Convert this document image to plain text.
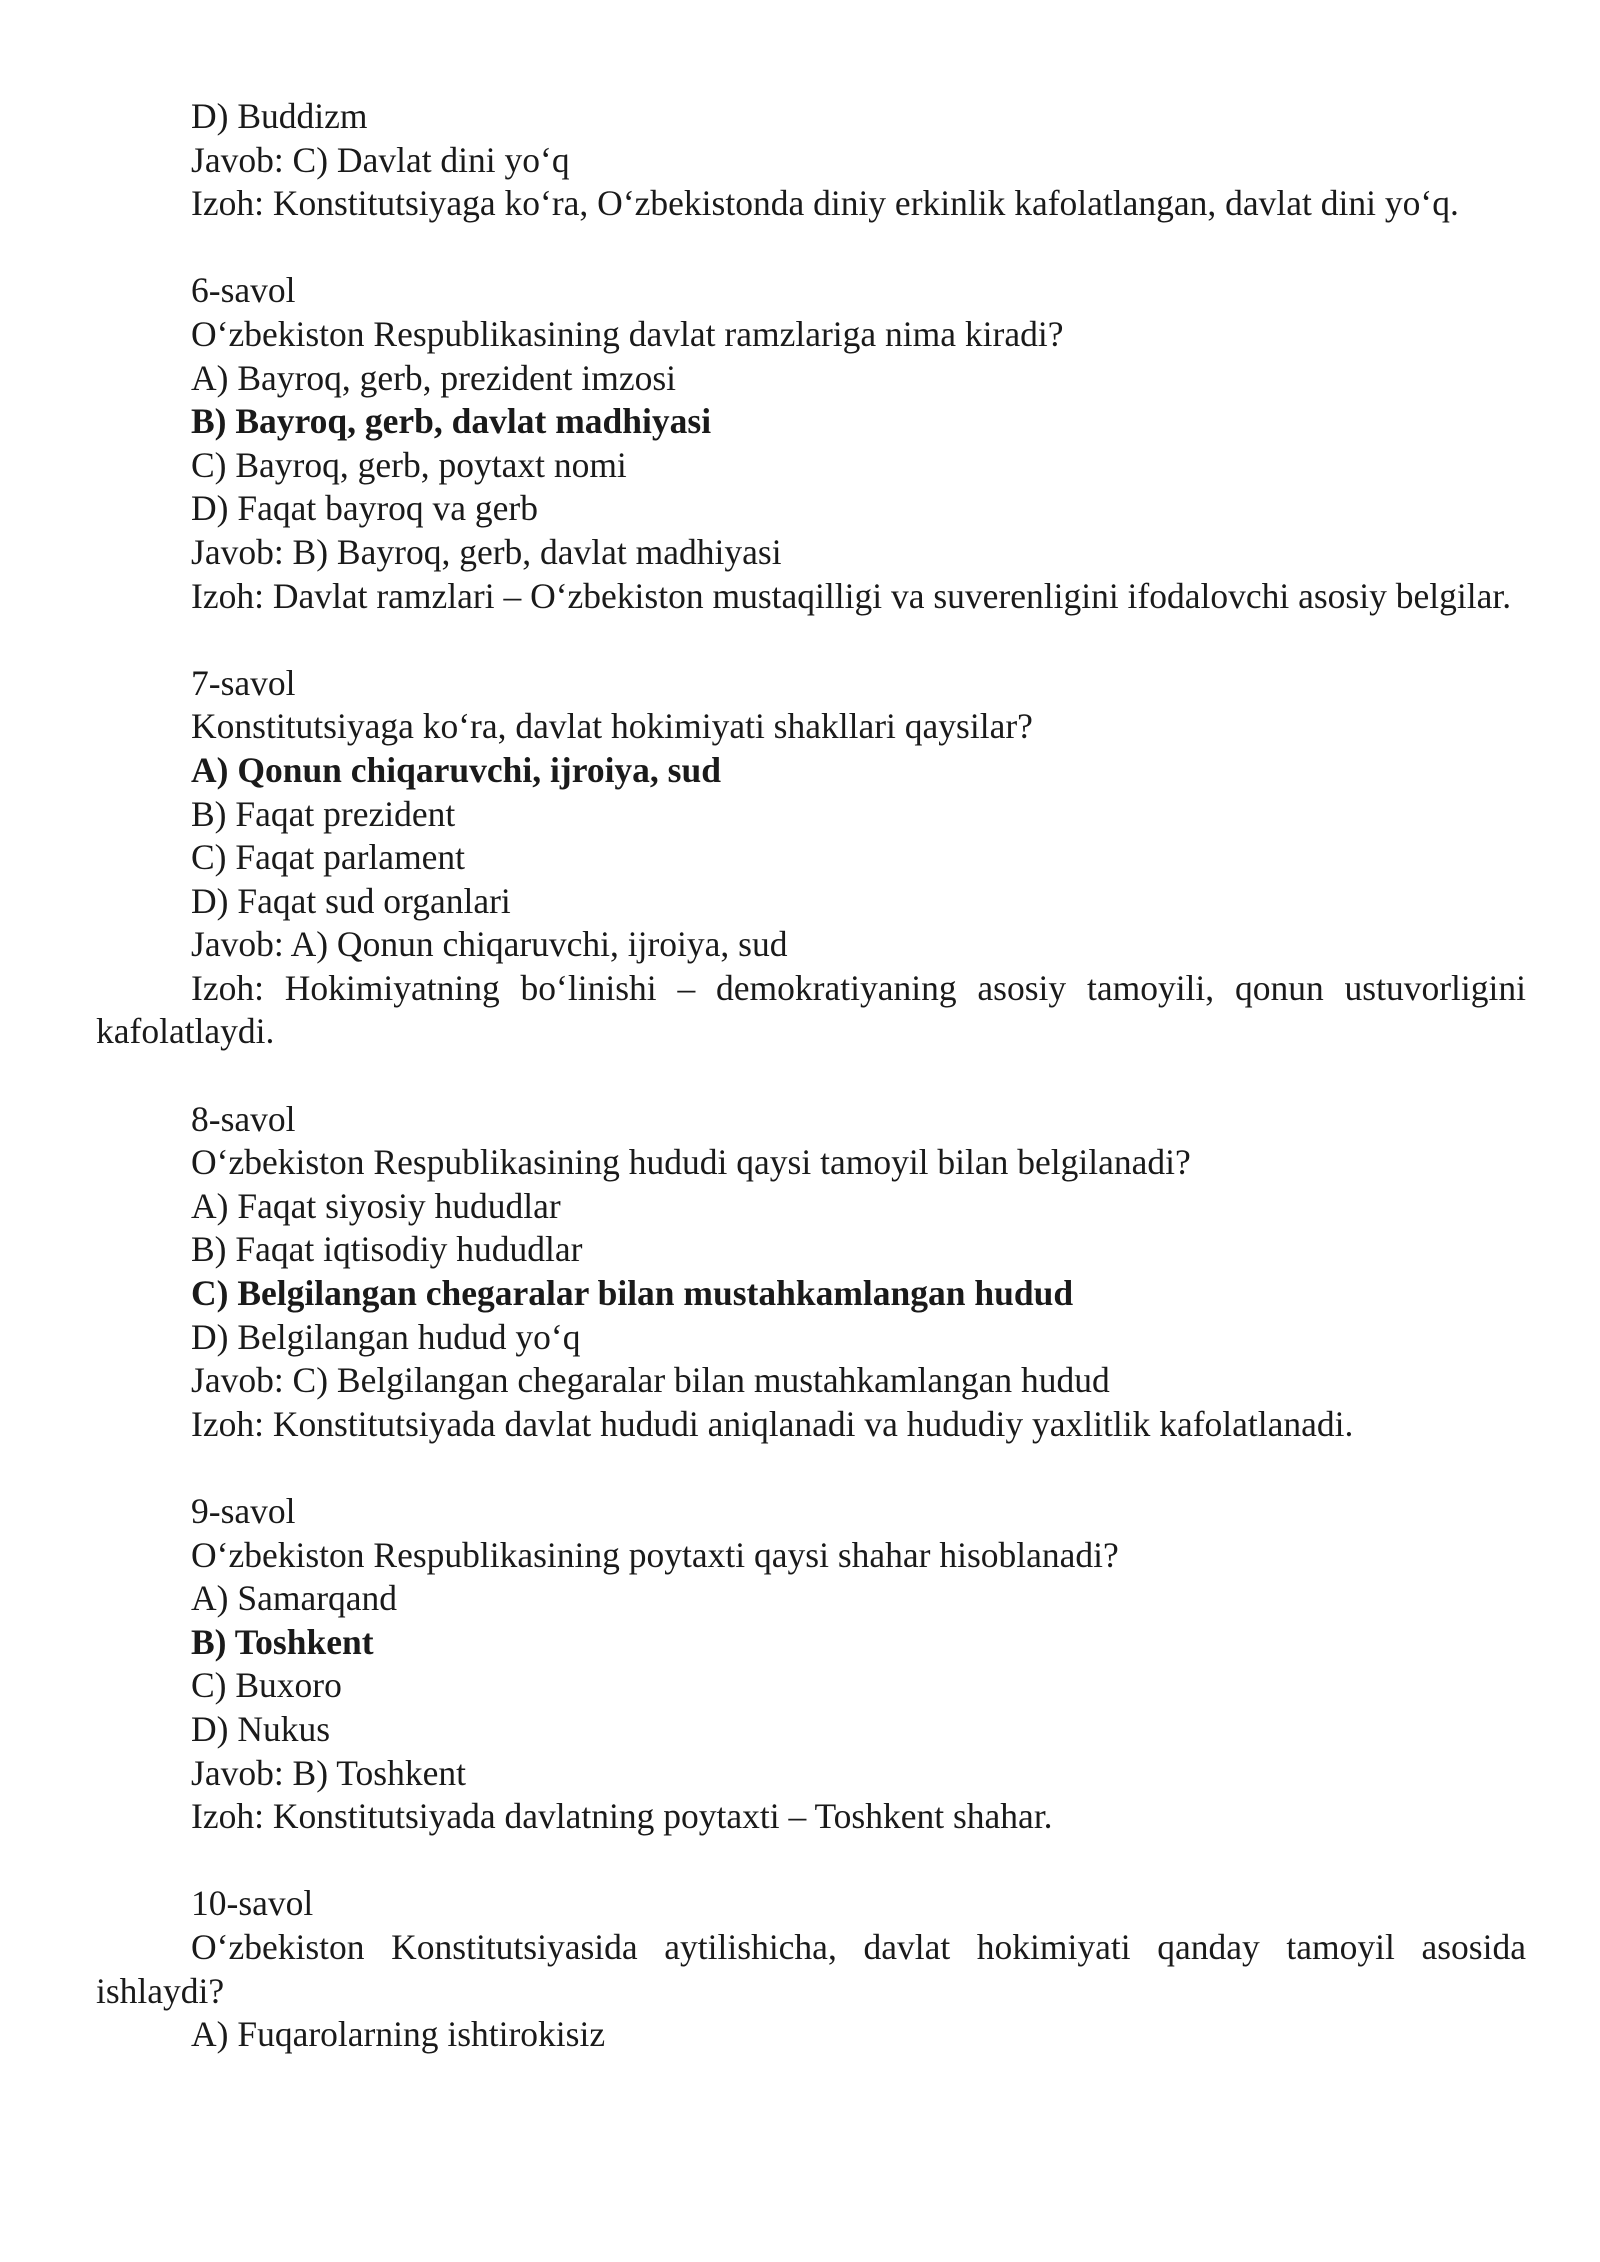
D) Buddizm

Javob: C) Davlat dini yo‘q

Izoh: Konstitutsiyaga ko‘ra, O‘zbekistonda diniy erkinlik kafolatlangan, davlat dini yo‘q.

6-savol

O‘zbekiston Respublikasining davlat ramzlariga nima kiradi?

A) Bayroq, gerb, prezident imzosi

B) Bayroq, gerb, davlat madhiyasi

C) Bayroq, gerb, poytaxt nomi

D) Faqat bayroq va gerb

Javob: B) Bayroq, gerb, davlat madhiyasi

Izoh: Davlat ramzlari – O‘zbekiston mustaqilligi va suverenligini ifodalovchi asosiy belgilar.

7-savol

Konstitutsiyaga ko‘ra, davlat hokimiyati shakllari qaysilar?

A) Qonun chiqaruvchi, ijroiya, sud

B) Faqat prezident

C) Faqat parlament

D) Faqat sud organlari

Javob: A) Qonun chiqaruvchi, ijroiya, sud

Izoh: Hokimiyatning bo‘linishi – demokratiyaning asosiy tamoyili, qonun ustuvorligini kafolatlaydi.

8-savol

O‘zbekiston Respublikasining hududi qaysi tamoyil bilan belgilanadi?

A) Faqat siyosiy hududlar

B) Faqat iqtisodiy hududlar

C) Belgilangan chegaralar bilan mustahkamlangan hudud

D) Belgilangan hudud yo‘q

Javob: C) Belgilangan chegaralar bilan mustahkamlangan hudud

Izoh: Konstitutsiyada davlat hududi aniqlanadi va hududiy yaxlitlik kafolatlanadi.

9-savol

O‘zbekiston Respublikasining poytaxti qaysi shahar hisoblanadi?

A) Samarqand

B) Toshkent

C) Buxoro

D) Nukus

Javob: B) Toshkent

Izoh: Konstitutsiyada davlatning poytaxti – Toshkent shahar.

10-savol

O‘zbekiston Konstitutsiyasida aytilishicha, davlat hokimiyati qanday tamoyil asosida ishlaydi?

A) Fuqarolarning ishtirokisiz
